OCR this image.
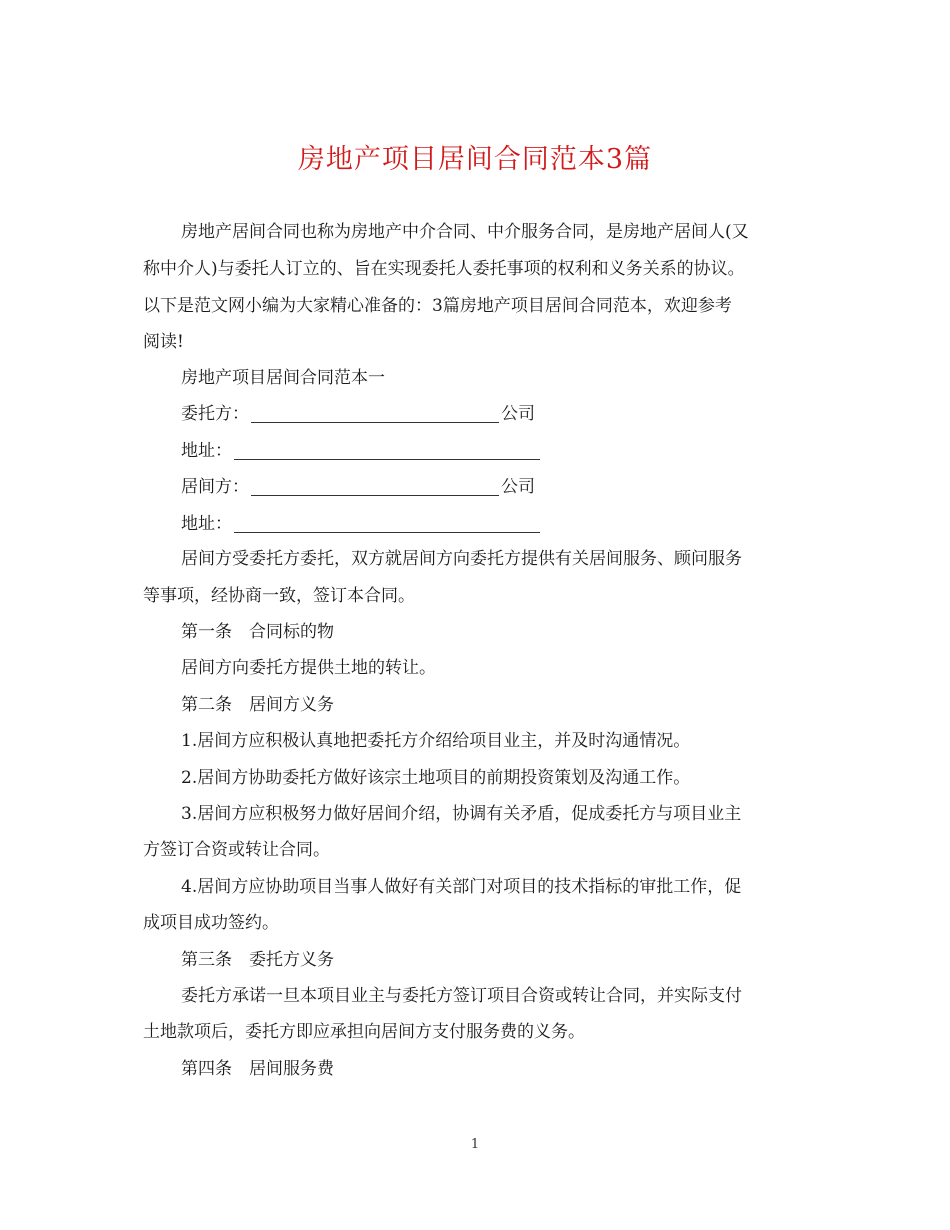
房地产项目居间合同范本3篇
房地产居间合同也称为房地产中介合同、中介服务合同，是房地产居间人(又
称中介人)与委托人订立的、旨在实现委托人委托事项的权利和义务关系的协议。
以下是范文网小编为大家精心准备的：3篇房地产项目居间合同范本，欢迎参考
阅读!
房地产项目居间合同范本一
委托方：	公司
地址：
居间方：	公司
地址：
居间方受委托方委托，双方就居间方向委托方提供有关居间服务、顾问服务
等事项，经协商一致，签订本合同。
第一条　合同标的物
居间方向委托方提供土地的转让。
第二条　居间方义务
1.居间方应积极认真地把委托方介绍给项目业主，并及时沟通情况。
2.居间方协助委托方做好该宗土地项目的前期投资策划及沟通工作。
3.居间方应积极努力做好居间介绍，协调有关矛盾，促成委托方与项目业主
方签订合资或转让合同。
4.居间方应协助项目当事人做好有关部门对项目的技术指标的审批工作，促
成项目成功签约。
第三条　委托方义务
委托方承诺一旦本项目业主与委托方签订项目合资或转让合同，并实际支付
土地款项后，委托方即应承担向居间方支付服务费的义务。
第四条　居间服务费
1
